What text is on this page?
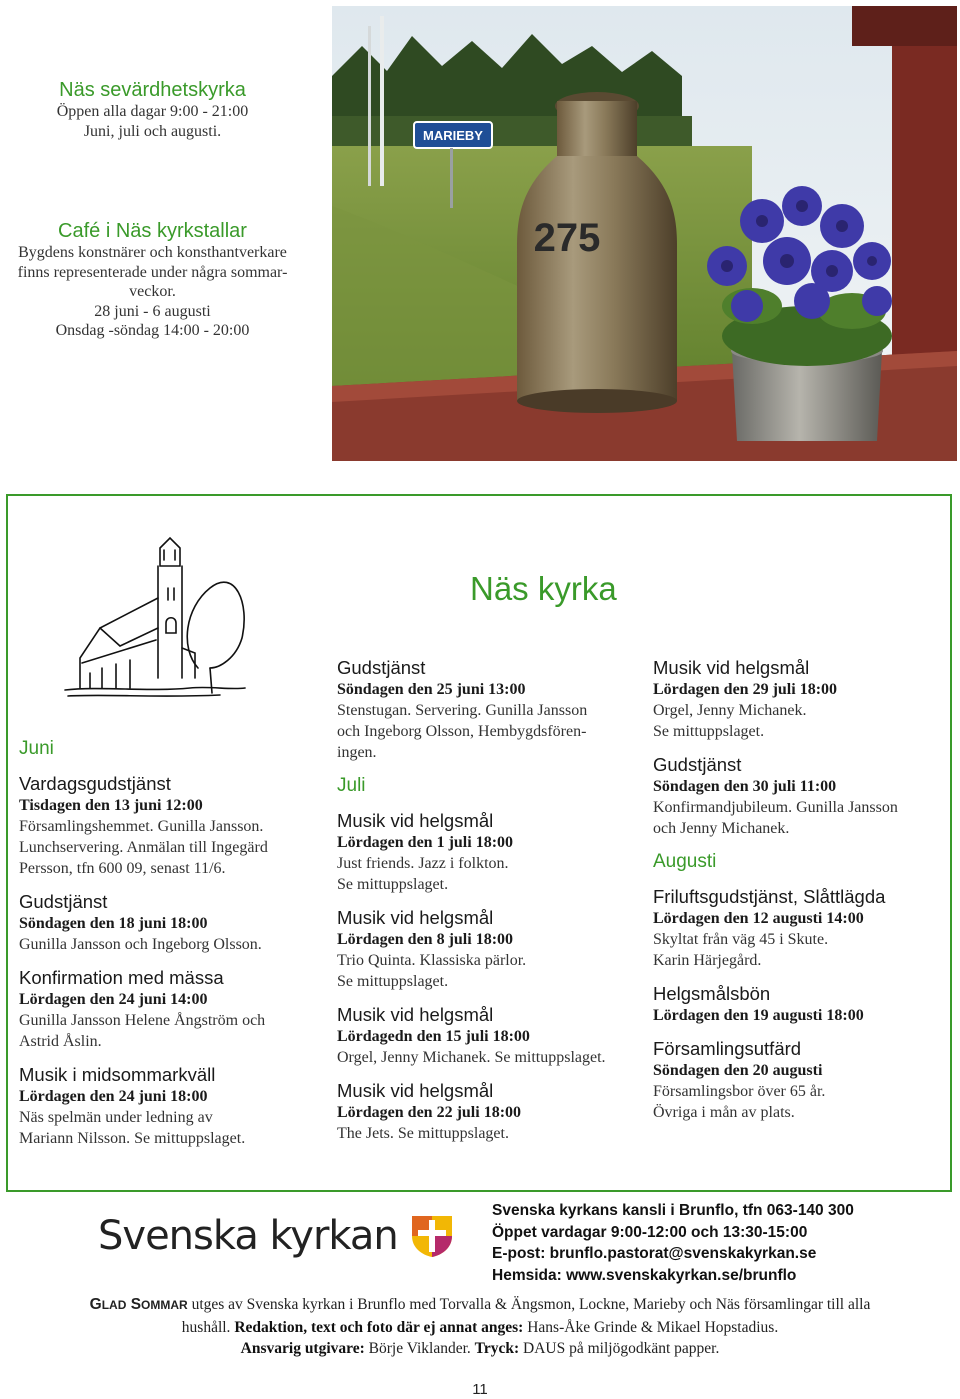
Näs sevärdhetskyrka
Öppen alla dagar 9:00 - 21:00
Juni, juli och augusti.
Café i Näs kyrkstallar
Bygdens konstnärer och konsthantverkare
finns representerade under några sommar-
veckor.
28 juni - 6 augusti
Onsdag -söndag 14:00 - 20:00
MARIEBY
275
Näs kyrka
Juni
Vardagsgudstjänst
Tisdagen den 13 juni 12:00
Församlingshemmet. Gunilla Jansson.
Lunchservering. Anmälan till Ingegärd
Persson, tfn 600 09, senast 11/6.
Gudstjänst
Söndagen den 18 juni 18:00
Gunilla Jansson och Ingeborg Olsson.
Konfirmation med mässa
Lördagen den 24 juni 14:00
Gunilla Jansson Helene Ångström och
Astrid Åslin.
Musik i midsommarkväll
Lördagen den 24 juni 18:00
Näs spelmän under ledning av
Mariann Nilsson. Se mittuppslaget.
Gudstjänst
Söndagen den 25 juni 13:00
Stenstugan. Servering. Gunilla Jansson
och Ingeborg Olsson, Hembygdsfören-
ingen.
Juli
Musik vid helgsmål
Lördagen den 1 juli 18:00
Just friends. Jazz i folkton.
Se mittuppslaget.
Musik vid helgsmål
Lördagen den 8 juli 18:00
Trio Quinta. Klassiska pärlor.
Se mittuppslaget.
Musik vid helgsmål
Lördagedn den 15 juli 18:00
Orgel, Jenny Michanek. Se mittuppslaget.
Musik vid helgsmål
Lördagen den 22 juli 18:00
The Jets. Se mittuppslaget.
Musik vid helgsmål
Lördagen den 29 juli 18:00
Orgel, Jenny Michanek.
Se mittuppslaget.
Gudstjänst
Söndagen den 30 juli 11:00
Konfirmandjubileum. Gunilla Jansson
och Jenny Michanek.
Augusti
Friluftsgudstjänst, Slåttlägda
Lördagen den 12 augusti 14:00
Skyltat från väg 45 i Skute.
Karin Härjegård.
Helgsmålsbön
Lördagen den 19 augusti 18:00
Församlingsutfärd
Söndagen den 20 augusti
Församlingsbor över 65 år.
Övriga i mån av plats.
Svenska kyrkan
Svenska kyrkans kansli i Brunflo, tfn 063-140 300
Öppet vardagar 9:00-12:00 och 13:30-15:00
E-post: brunflo.pastorat@svenskakyrkan.se
Hemsida: www.svenskakyrkan.se/brunflo
GLAD SOMMAR utges av Svenska kyrkan i Brunflo med Torvalla & Ängsmon, Lockne, Marieby och Näs församlingar till alla
hushåll. Redaktion, text och foto där ej annat anges: Hans-Åke Grinde & Mikael Hopstadius.
Ansvarig utgivare: Börje Viklander. Tryck: DAUS på miljögodkänt papper.
11
